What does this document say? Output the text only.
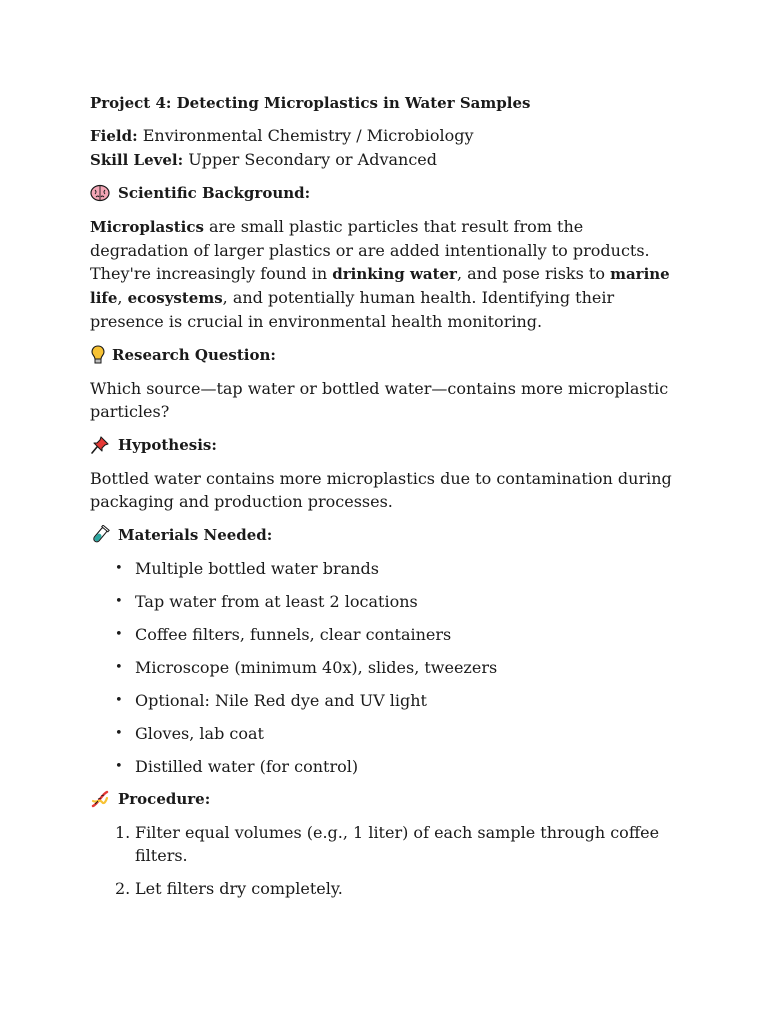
Project 4: Detecting Microplastics in Water Samples
Field: Environmental Chemistry / Microbiology
Skill Level: Upper Secondary or Advanced
Scientific Background:

Microplastics are small plastic particles that result from the degradation of larger plastics or are added intentionally to products. They're increasingly found in drinking water, and pose risks to marine life, ecosystems, and potentially human health. Identifying their presence is crucial in environmental health monitoring.

Research Question:

Which source—tap water or bottled water—contains more microplastic particles?

Hypothesis:

Bottled water contains more microplastics due to contamination during packaging and production processes.

Materials Needed:
• Multiple bottled water brands
• Tap water from at least 2 locations
• Coffee filters, funnels, clear containers
• Microscope (minimum 40x), slides, tweezers
• Optional: Nile Red dye and UV light
• Gloves, lab coat
• Distilled water (for control)
Procedure:
1. Filter equal volumes (e.g., 1 liter) of each sample through coffee filters.
2. Let filters dry completely.
